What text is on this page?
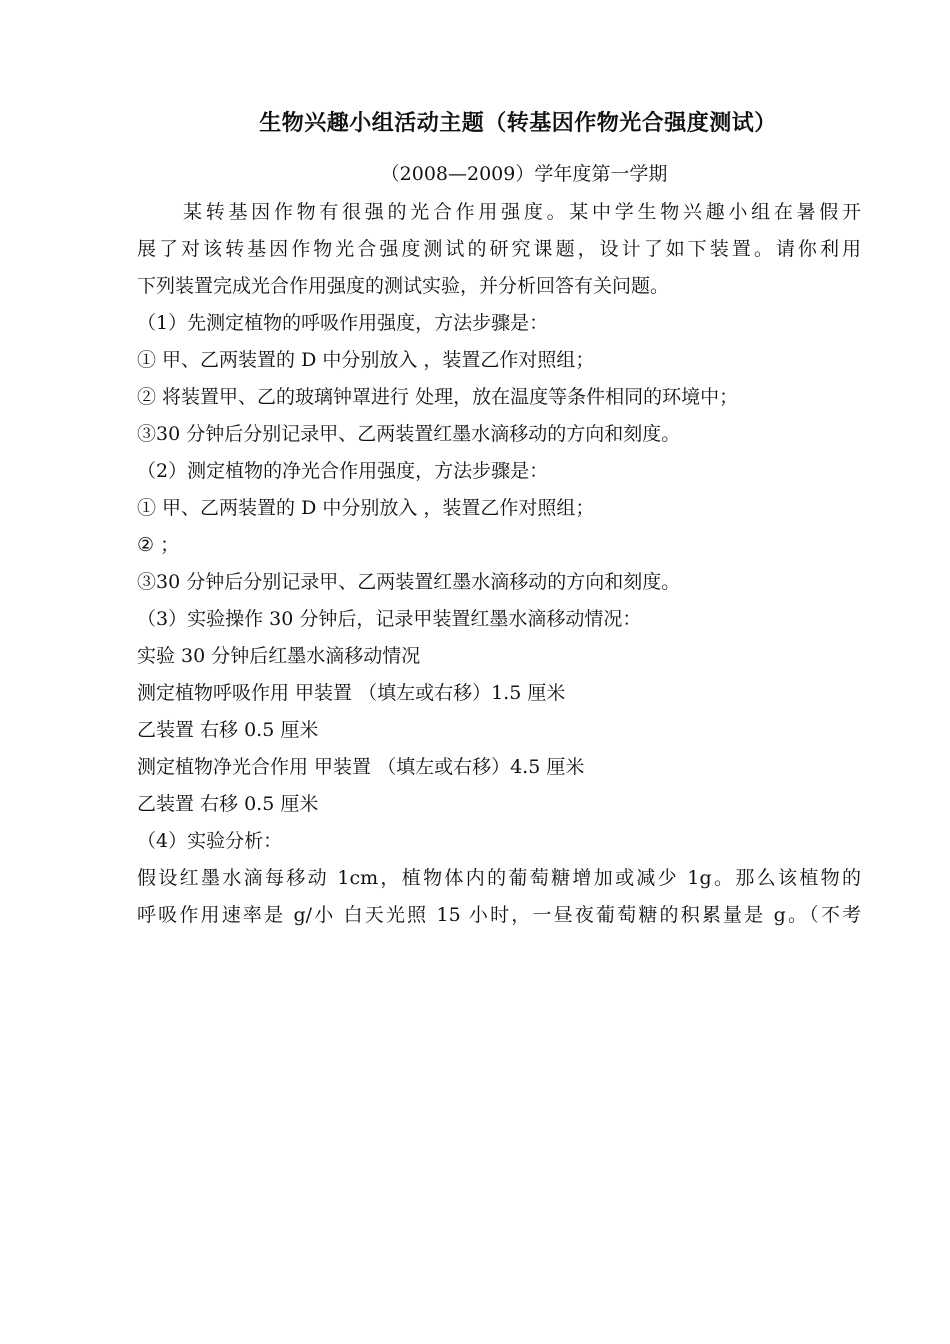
生物兴趣小组活动主题（转基因作物光合强度测试）
（2008—2009）学年度第一学期
某转基因作物有很强的光合作用强度。某中学生物兴趣小组在暑假开
展了对该转基因作物光合强度测试的研究课题，设计了如下装置。请你利用
下列装置完成光合作用强度的测试实验，并分析回答有关问题。
（1）先测定植物的呼吸作用强度，方法步骤是：
① 甲、乙两装置的 D 中分别放入 ，装置乙作对照组；
② 将装置甲、乙的玻璃钟罩进行 处理，放在温度等条件相同的环境中；
③30 分钟后分别记录甲、乙两装置红墨水滴移动的方向和刻度。
（2）测定植物的净光合作用强度，方法步骤是：
① 甲、乙两装置的 D 中分别放入 ，装置乙作对照组；
② ；
③30 分钟后分别记录甲、乙两装置红墨水滴移动的方向和刻度。
（3）实验操作 30 分钟后，记录甲装置红墨水滴移动情况：
实验 30 分钟后红墨水滴移动情况
测定植物呼吸作用 甲装置 （填左或右移）1.5 厘米
乙装置 右移 0.5 厘米
测定植物净光合作用 甲装置 （填左或右移）4.5 厘米
乙装置 右移 0.5 厘米
（4）实验分析：
假设红墨水滴每移动 1cm，植物体内的葡萄糖增加或减少 1g。那么该植物的
呼吸作用速率是 g/小 白天光照 15 小时，一昼夜葡萄糖的积累量是 g。（不考
